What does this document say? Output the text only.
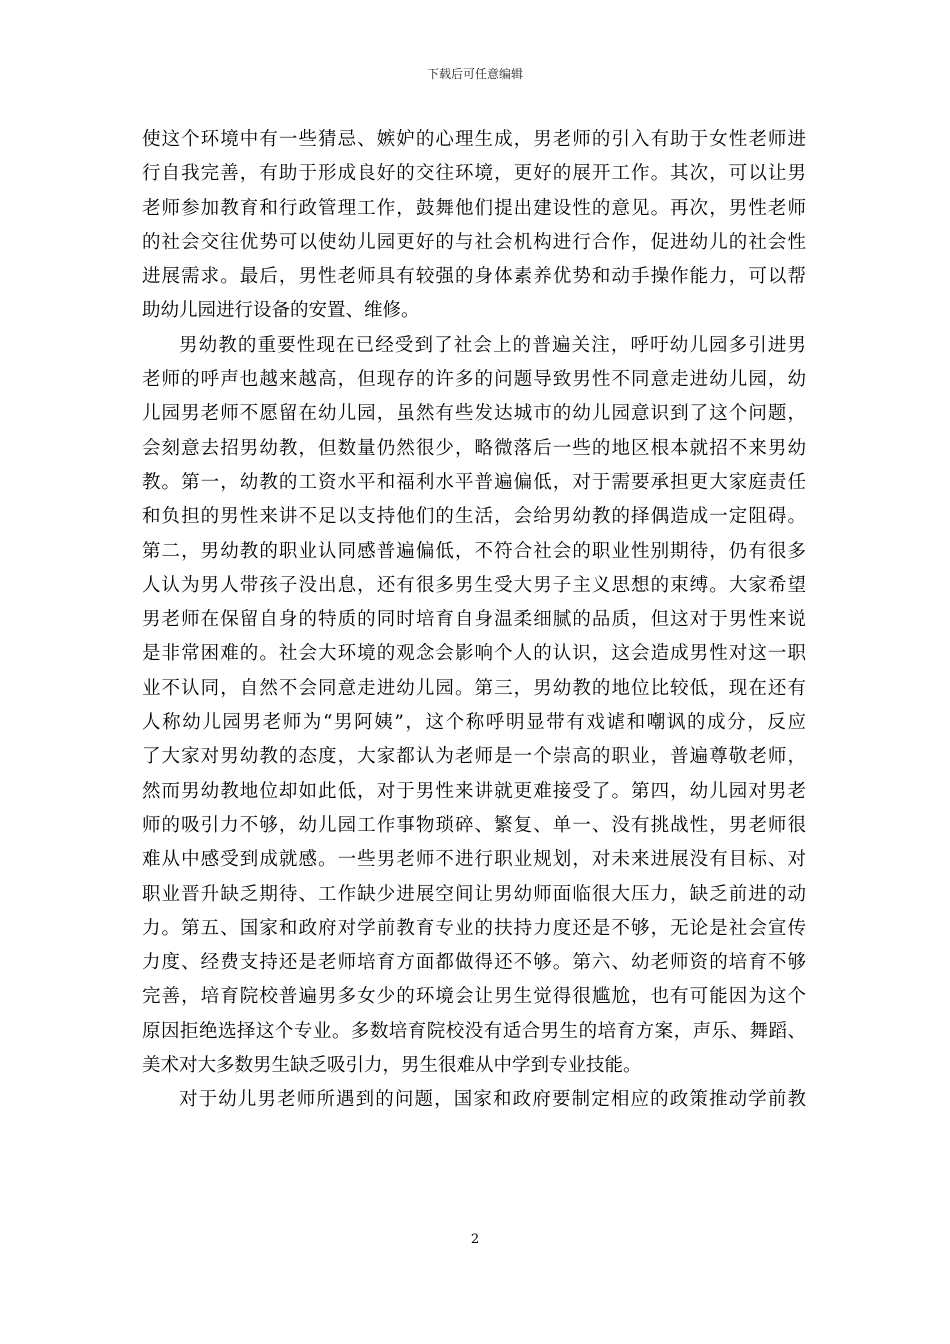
下载后可任意编辑
使这个环境中有一些猜忌、嫉妒的心理生成，男老师的引入有助于女性老师进
行自我完善，有助于形成良好的交往环境，更好的展开工作。其次，可以让男
老师参加教育和行政管理工作，鼓舞他们提出建设性的意见。再次，男性老师
的社会交往优势可以使幼儿园更好的与社会机构进行合作，促进幼儿的社会性
进展需求。最后，男性老师具有较强的身体素养优势和动手操作能力，可以帮
助幼儿园进行设备的安置、维修。
男幼教的重要性现在已经受到了社会上的普遍关注，呼吁幼儿园多引进男
老师的呼声也越来越高，但现存的许多的问题导致男性不同意走进幼儿园，幼
儿园男老师不愿留在幼儿园，虽然有些发达城市的幼儿园意识到了这个问题，
会刻意去招男幼教，但数量仍然很少，略微落后一些的地区根本就招不来男幼
教。第一，幼教的工资水平和福利水平普遍偏低，对于需要承担更大家庭责任
和负担的男性来讲不足以支持他们的生活，会给男幼教的择偶造成一定阻碍。
第二，男幼教的职业认同感普遍偏低，不符合社会的职业性别期待，仍有很多
人认为男人带孩子没出息，还有很多男生受大男子主义思想的束缚。大家希望
男老师在保留自身的特质的同时培育自身温柔细腻的品质，但这对于男性来说
是非常困难的。社会大环境的观念会影响个人的认识，这会造成男性对这一职
业不认同，自然不会同意走进幼儿园。第三，男幼教的地位比较低，现在还有
人称幼儿园男老师为“男阿姨”，这个称呼明显带有戏谑和嘲讽的成分，反应
了大家对男幼教的态度，大家都认为老师是一个崇高的职业，普遍尊敬老师，
然而男幼教地位却如此低，对于男性来讲就更难接受了。第四，幼儿园对男老
师的吸引力不够，幼儿园工作事物琐碎、繁复、单一、没有挑战性，男老师很
难从中感受到成就感。一些男老师不进行职业规划，对未来进展没有目标、对
职业晋升缺乏期待、工作缺少进展空间让男幼师面临很大压力，缺乏前进的动
力。第五、国家和政府对学前教育专业的扶持力度还是不够，无论是社会宣传
力度、经费支持还是老师培育方面都做得还不够。第六、幼老师资的培育不够
完善，培育院校普遍男多女少的环境会让男生觉得很尴尬，也有可能因为这个
原因拒绝选择这个专业。多数培育院校没有适合男生的培育方案，声乐、舞蹈、
美术对大多数男生缺乏吸引力，男生很难从中学到专业技能。
对于幼儿男老师所遇到的问题，国家和政府要制定相应的政策推动学前教
2
